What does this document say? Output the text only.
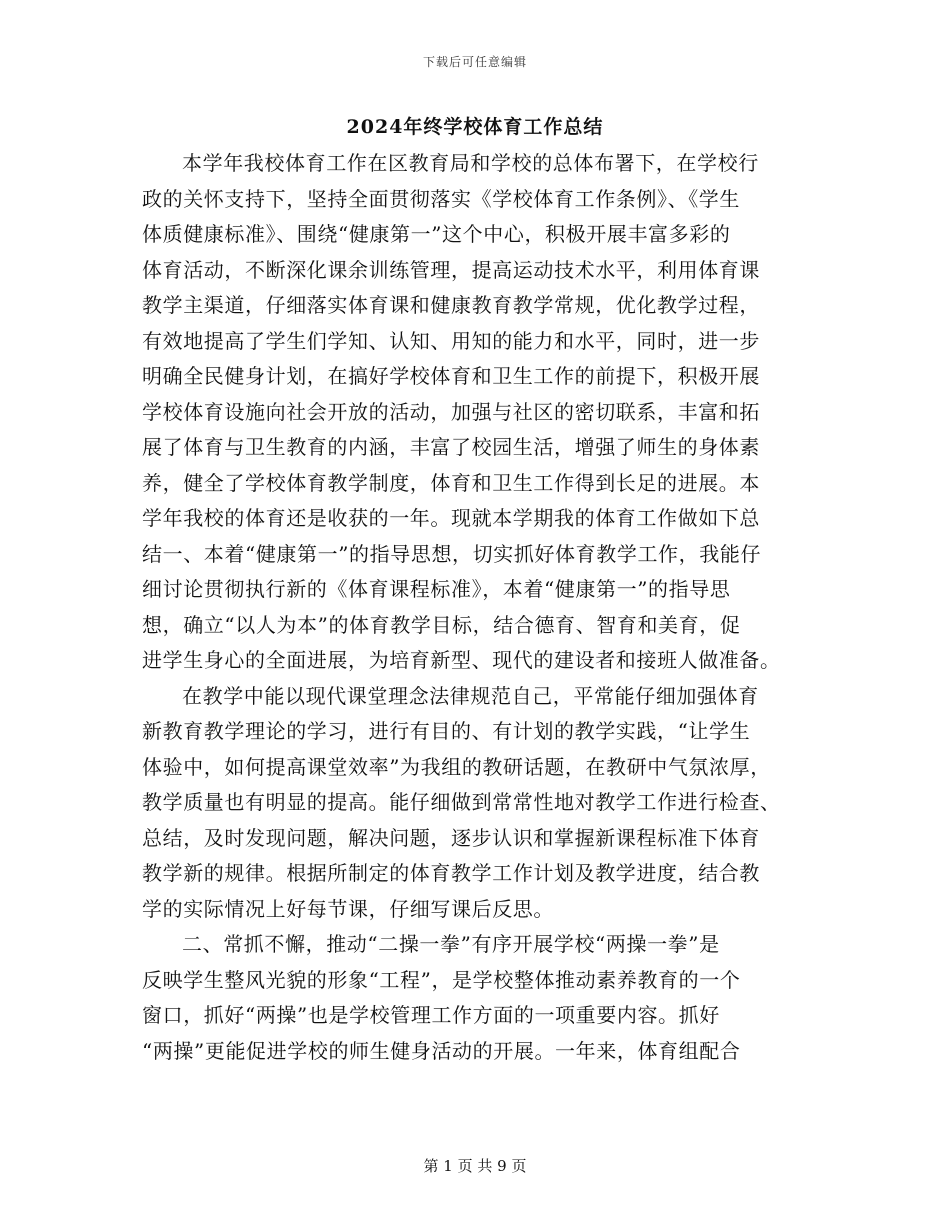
下载后可任意编辑
2024年终学校体育工作总结
本学年我校体育工作在区教育局和学校的总体布署下，在学校行
政的关怀支持下，坚持全面贯彻落实《学校体育工作条例》、《学生
体质健康标准》、围绕“健康第一”这个中心，积极开展丰富多彩的
体育活动，不断深化课余训练管理，提高运动技术水平，利用体育课
教学主渠道，仔细落实体育课和健康教育教学常规，优化教学过程，
有效地提高了学生们学知、认知、用知的能力和水平，同时，进一步
明确全民健身计划，在搞好学校体育和卫生工作的前提下，积极开展
学校体育设施向社会开放的活动，加强与社区的密切联系，丰富和拓
展了体育与卫生教育的内涵，丰富了校园生活，增强了师生的身体素
养，健全了学校体育教学制度，体育和卫生工作得到长足的进展。本
学年我校的体育还是收获的一年。现就本学期我的体育工作做如下总
结一、本着“健康第一”的指导思想，切实抓好体育教学工作，我能仔
细讨论贯彻执行新的《体育课程标准》，本着“健康第一”的指导思
想，确立“以人为本”的体育教学目标，结合德育、智育和美育，促
进学生身心的全面进展，为培育新型、现代的建设者和接班人做准备。
在教学中能以现代课堂理念法律规范自己，平常能仔细加强体育
新教育教学理论的学习，进行有目的、有计划的教学实践，“让学生
体验中，如何提高课堂效率”为我组的教研话题，在教研中气氛浓厚，
教学质量也有明显的提高。能仔细做到常常性地对教学工作进行检查、
总结，及时发现问题，解决问题，逐步认识和掌握新课程标准下体育
教学新的规律。根据所制定的体育教学工作计划及教学进度，结合教
学的实际情况上好每节课，仔细写课后反思。
二、常抓不懈，推动“二操一拳”有序开展学校“两操一拳”是
反映学生整风光貌的形象“工程”，是学校整体推动素养教育的一个
窗口，抓好“两操”也是学校管理工作方面的一项重要内容。抓好
“两操”更能促进学校的师生健身活动的开展。一年来，体育组配合
第 1 页 共 9 页
